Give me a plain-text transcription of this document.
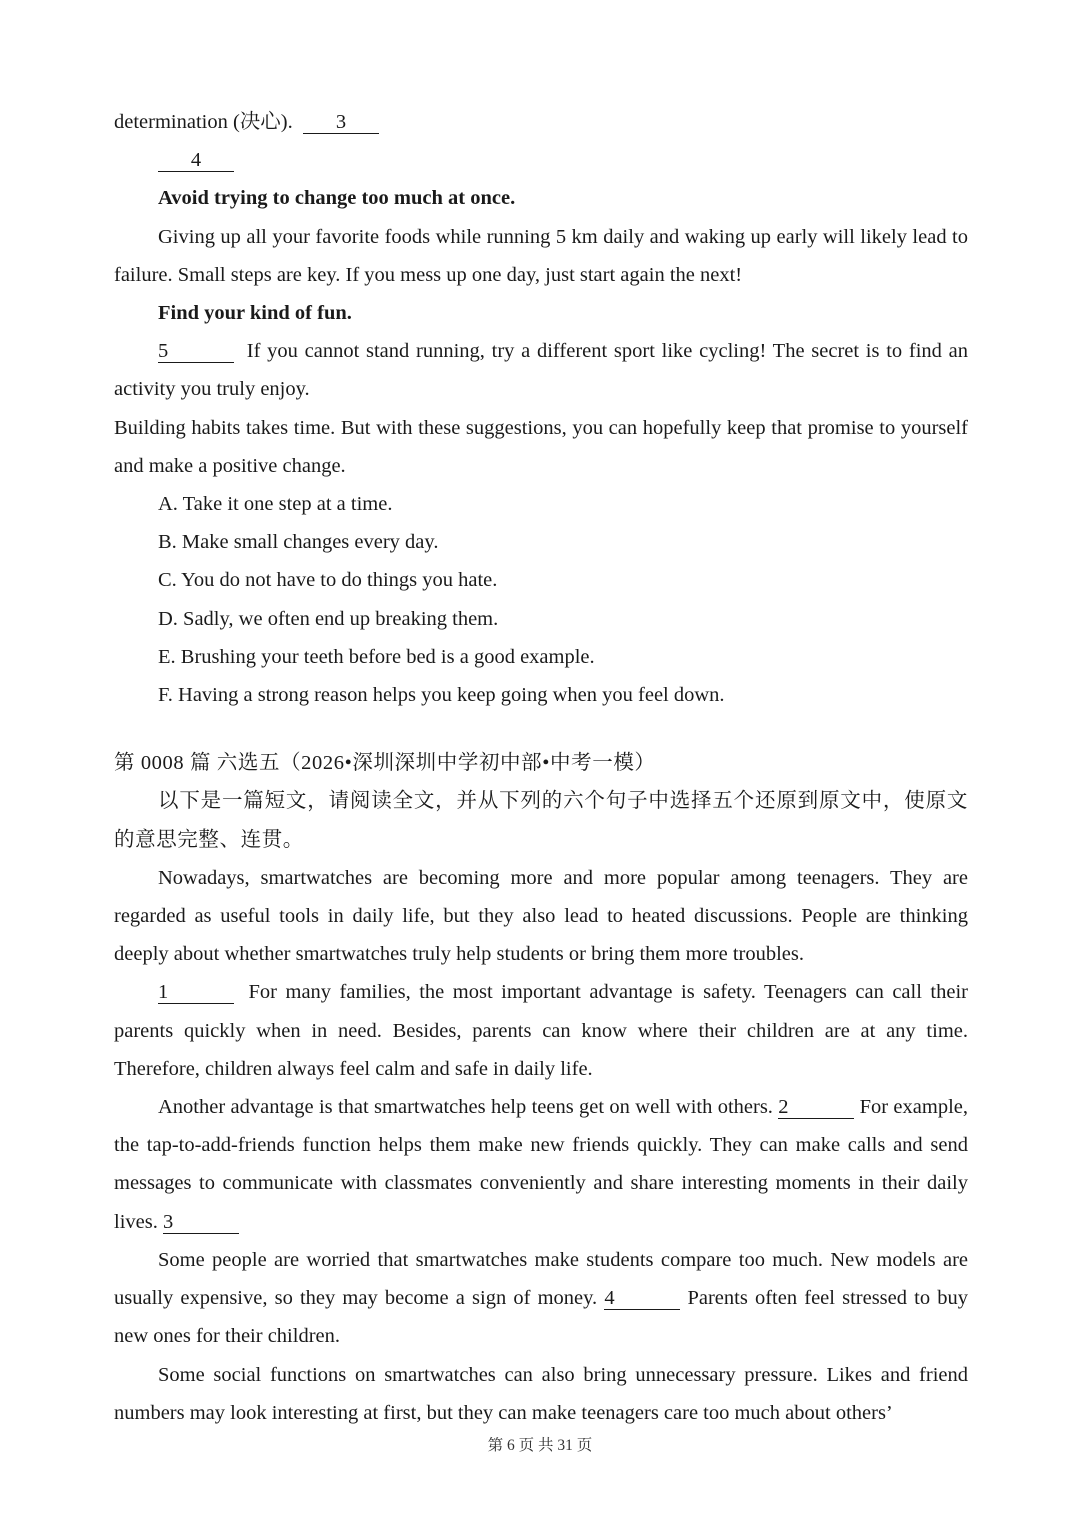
determination (决心). 3

4

Avoid trying to change too much at once.

Giving up all your favorite foods while running 5 km daily and waking up early will likely lead to failure. Small steps are key. If you mess up one day, just start again the next!

Find your kind of fun.

5	If you cannot stand running, try a different sport like cycling! The secret is to find an activity you truly enjoy.

Building habits takes time. But with these suggestions, you can hopefully keep that promise to yourself and make a positive change.

A. Take it one step at a time.

B. Make small changes every day.

C. You do not have to do things you hate.

D. Sadly, we often end up breaking them.

E. Brushing your teeth before bed is a good example.

F. Having a strong reason helps you keep going when you feel down.

第 0008 篇 六选五（2026•深圳深圳中学初中部•中考一模）

以下是一篇短文，请阅读全文，并从下列的六个句子中选择五个还原到原文中，使原文的意思完整、连贯。

Nowadays, smartwatches are becoming more and more popular among teenagers. They are regarded as useful tools in daily life, but they also lead to heated discussions. People are thinking deeply about whether smartwatches truly help students or bring them more troubles.

1	For many families, the most important advantage is safety. Teenagers can call their parents quickly when in need. Besides, parents can know where their children are at any time. Therefore, children always feel calm and safe in daily life.

Another advantage is that smartwatches help teens get on well with others. 2	For example, the tap-to-add-friends function helps them make new friends quickly. They can make calls and send messages to communicate with classmates conveniently and share interesting moments in their daily lives. 3

Some people are worried that smartwatches make students compare too much. New models are usually expensive, so they may become a sign of money. 4	Parents often feel stressed to buy new ones for their children.

Some social functions on smartwatches can also bring unnecessary pressure. Likes and friend numbers may look interesting at first, but they can make teenagers care too much about others’

第 6 页 共 31 页
